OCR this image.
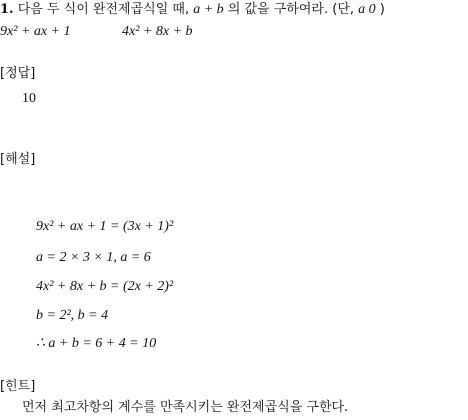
1. 다음 두 식이 완전제곱식일 때, a + b 의 값을 구하여라. (단, a 0 )
9x² + ax + 1	4x² + 8x + b
[정답]
10
[해설]
9x² + ax + 1 = (3x + 1)²
a = 2 × 3 × 1, a = 6
4x² + 8x + b = (2x + 2)²
b = 2², b = 4
∴ a + b = 6 + 4 = 10
[힌트]
먼저 최고차항의 계수를 만족시키는 완전제곱식을 구한다.
